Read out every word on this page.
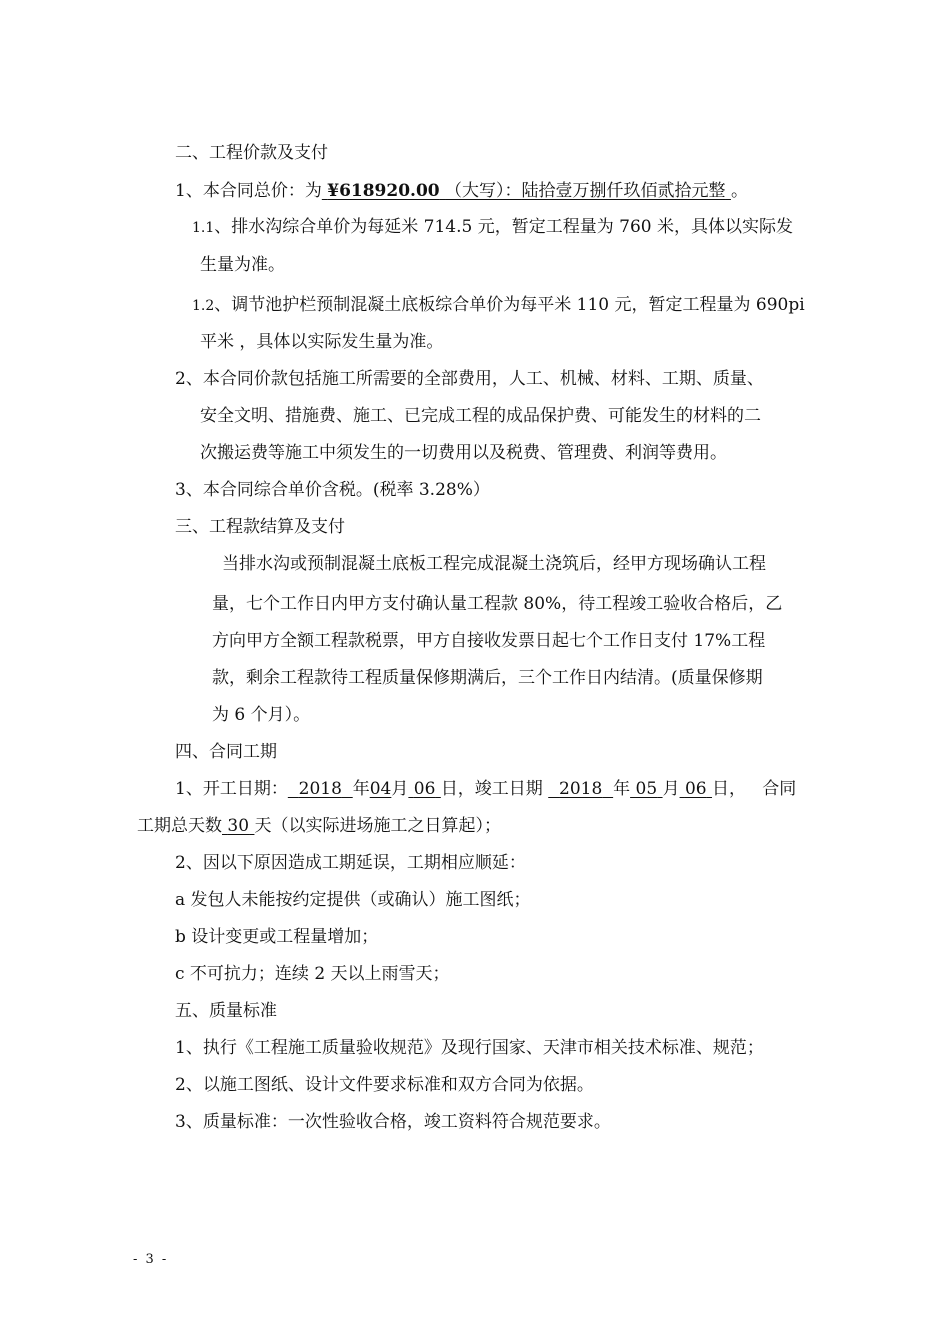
二、工程价款及支付
1、本合同总价：为 ¥618920.00 （大写）：陆拾壹万捌仟玖佰贰拾元整 。
1.1、排水沟综合单价为每延米 714.5 元，暂定工程量为 760 米，具体以实际发
生量为准。
1.2、调节池护栏预制混凝土底板综合单价为每平米 110 元，暂定工程量为 690pi
平米 ，具体以实际发生量为准。
2、本合同价款包括施工所需要的全部费用，人工、机械、材料、工期、质量、
安全文明、措施费、施工、已完成工程的成品保护费、可能发生的材料的二
次搬运费等施工中须发生的一切费用以及税费、管理费、利润等费用。
3、本合同综合单价含税。(税率 3.28%）
三、工程款结算及支付
当排水沟或预制混凝土底板工程完成混凝土浇筑后，经甲方现场确认工程
量，七个工作日内甲方支付确认量工程款 80%，待工程竣工验收合格后，乙
方向甲方全额工程款税票，甲方自接收发票日起七个工作日支付 17%工程
款，剩余工程款待工程质量保修期满后，三个工作日内结清。(质量保修期
为 6 个月）。
四、合同工期
1、开工日期： 2018 年04月 06 日，竣工日期 2018 年 05 月 06 日， 合同
工期总天数 30 天（以实际进场施工之日算起）；
2、因以下原因造成工期延误，工期相应顺延：
a 发包人未能按约定提供（或确认）施工图纸；
b 设计变更或工程量增加；
c 不可抗力；连续 2 天以上雨雪天；
五、质量标准
1、执行《工程施工质量验收规范》及现行国家、天津市相关技术标准、规范；
2、以施工图纸、设计文件要求标准和双方合同为依据。
3、质量标准：一次性验收合格，竣工资料符合规范要求。
- 3 -
